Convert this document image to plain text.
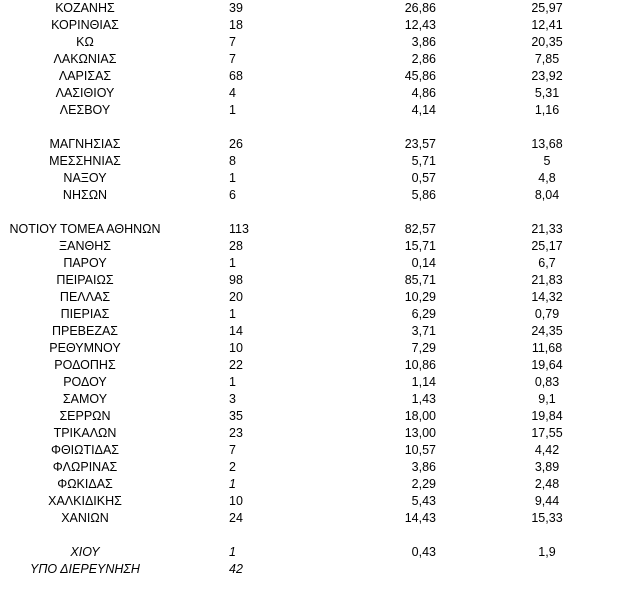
ΚΟΖΑΝΗΣ	39	26,86	25,97
ΚΟΡΙΝΘΙΑΣ	18	12,43	12,41
ΚΩ	7	3,86	20,35
ΛΑΚΩΝΙΑΣ	7	2,86	7,85
ΛΑΡΙΣΑΣ	68	45,86	23,92
ΛΑΣΙΘΙΟΥ	4	4,86	5,31
ΛΕΣΒΟΥ	1	4,14	1,16
ΜΑΓΝΗΣΙΑΣ	26	23,57	13,68
ΜΕΣΣΗΝΙΑΣ	8	5,71	5
ΝΑΞΟΥ	1	0,57	4,8
ΝΗΣΩΝ	6	5,86	8,04
ΝΟΤΙΟΥ ΤΟΜΕΑ ΑΘΗΝΩΝ	113	82,57	21,33
ΞΑΝΘΗΣ	28	15,71	25,17
ΠΑΡΟΥ	1	0,14	6,7
ΠΕΙΡΑΙΩΣ	98	85,71	21,83
ΠΕΛΛΑΣ	20	10,29	14,32
ΠΙΕΡΙΑΣ	1	6,29	0,79
ΠΡΕΒΕΖΑΣ	14	3,71	24,35
ΡΕΘΥΜΝΟΥ	10	7,29	11,68
ΡΟΔΟΠΗΣ	22	10,86	19,64
ΡΟΔΟΥ	1	1,14	0,83
ΣΑΜΟΥ	3	1,43	9,1
ΣΕΡΡΩΝ	35	18,00	19,84
ΤΡΙΚΑΛΩΝ	23	13,00	17,55
ΦΘΙΩΤΙΔΑΣ	7	10,57	4,42
ΦΛΩΡΙΝΑΣ	2	3,86	3,89
ΦΩΚΙΔΑΣ	1	2,29	2,48
ΧΑΛΚΙΔΙΚΗΣ	10	5,43	9,44
ΧΑΝΙΩΝ	24	14,43	15,33
ΧΙΟΥ	1	0,43	1,9
ΥΠΟ ΔΙΕΡΕΥΝΗΣΗ	42
